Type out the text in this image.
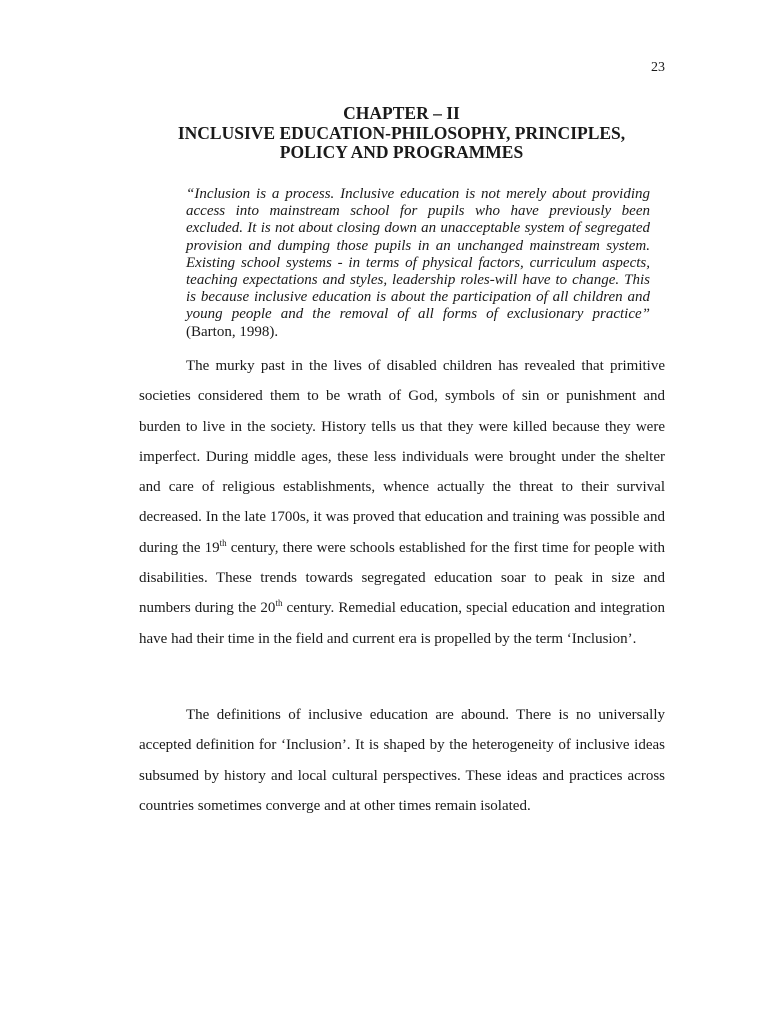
23
CHAPTER – II
INCLUSIVE EDUCATION-PHILOSOPHY, PRINCIPLES,
POLICY AND PROGRAMMES

“Inclusion is a process. Inclusive education is not merely about providing access into mainstream school for pupils who have previously been excluded. It is not about closing down an unacceptable system of segregated provision and dumping those pupils in an unchanged mainstream system. Existing school systems - in terms of physical factors, curriculum aspects, teaching expectations and styles, leadership roles-will have to change. This is because inclusive education is about the participation of all children and young people and the removal of all forms of exclusionary practice” (Barton, 1998).

The murky past in the lives of disabled children has revealed that primitive societies considered them to be wrath of God, symbols of sin or punishment and burden to live in the society. History tells us that they were killed because they were imperfect. During middle ages, these less individuals were brought under the shelter and care of religious establishments, whence actually the threat to their survival decreased. In the late 1700s, it was proved that education and training was possible and during the 19th century, there were schools established for the first time for people with disabilities. These trends towards segregated education soar to peak in size and numbers during the 20th century. Remedial education, special education and integration have had their time in the field and current era is propelled by the term ‘Inclusion’.

The definitions of inclusive education are abound. There is no universally accepted definition for ‘Inclusion’. It is shaped by the heterogeneity of inclusive ideas subsumed by history and local cultural perspectives. These ideas and practices across countries sometimes converge and at other times remain isolated.
